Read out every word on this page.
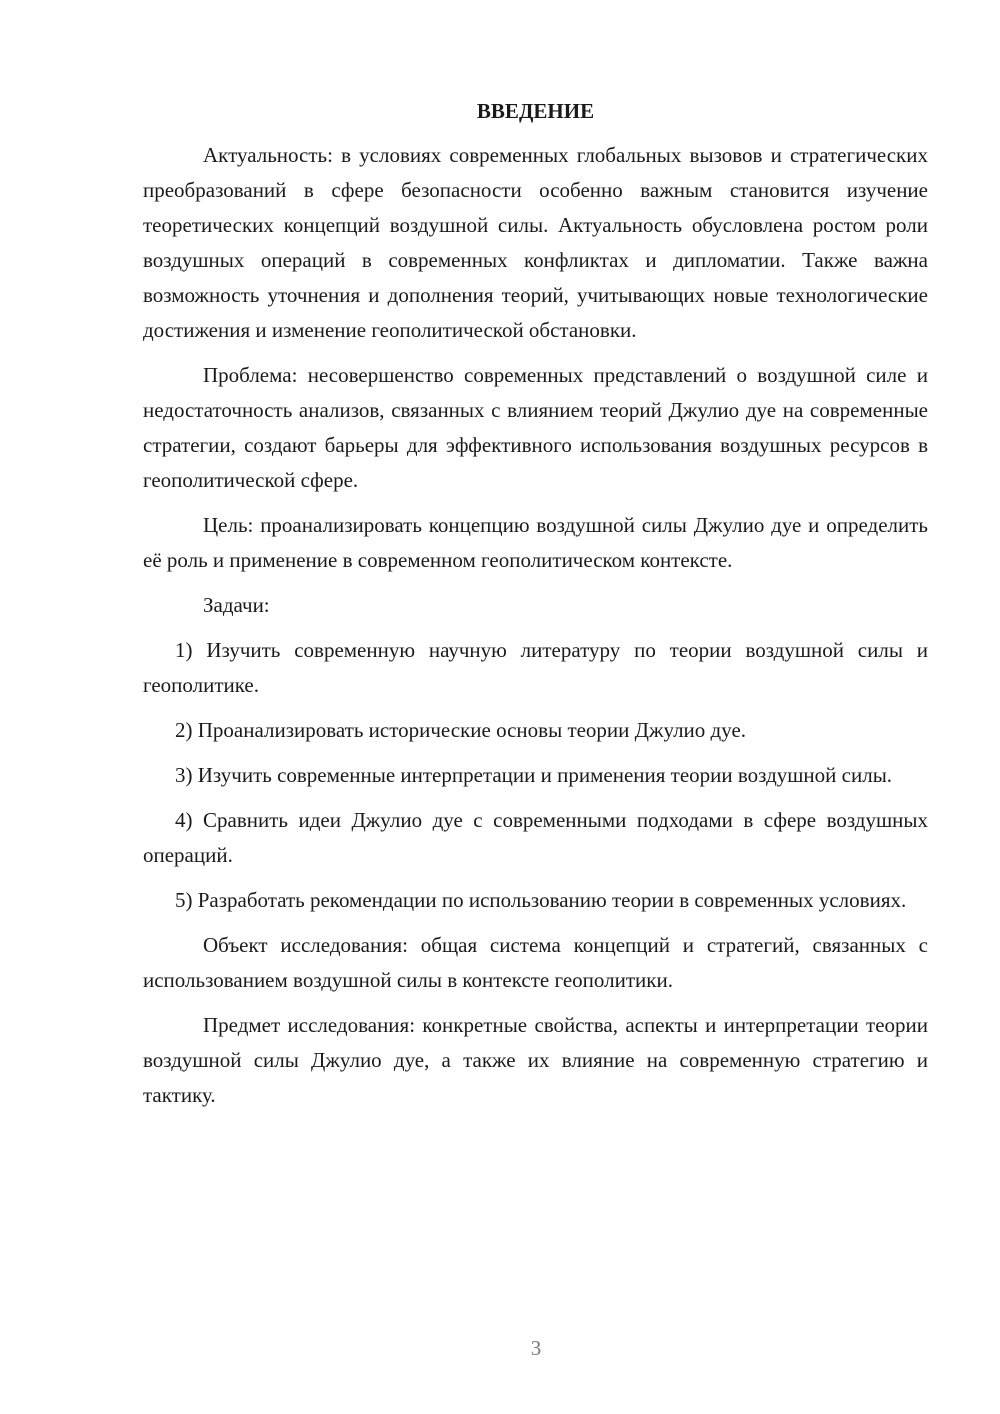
ВВЕДЕНИЕ

Актуальность: в условиях современных глобальных вызовов и стратегических преобразований в сфере безопасности особенно важным становится изучение теоретических концепций воздушной силы. Актуальность обусловлена ростом роли воздушных операций в современных конфликтах и дипломатии. Также важна возможность уточнения и дополнения теорий, учитывающих новые технологические достижения и изменение геополитической обстановки.

Проблема: несовершенство современных представлений о воздушной силе и недостаточность анализов, связанных с влиянием теорий Джулио дуе на современные стратегии, создают барьеры для эффективного использования воздушных ресурсов в геополитической сфере.

Цель: проанализировать концепцию воздушной силы Джулио дуе и определить её роль и применение в современном геополитическом контексте.

Задачи:

1) Изучить современную научную литературу по теории воздушной силы и геополитике.

2) Проанализировать исторические основы теории Джулио дуе.

3) Изучить современные интерпретации и применения теории воздушной силы.

4) Сравнить идеи Джулио дуе с современными подходами в сфере воздушных операций.

5) Разработать рекомендации по использованию теории в современных условиях.

Объект исследования: общая система концепций и стратегий, связанных с использованием воздушной силы в контексте геополитики.

Предмет исследования: конкретные свойства, аспекты и интерпретации теории воздушной силы Джулио дуе, а также их влияние на современную стратегию и тактику.

3
